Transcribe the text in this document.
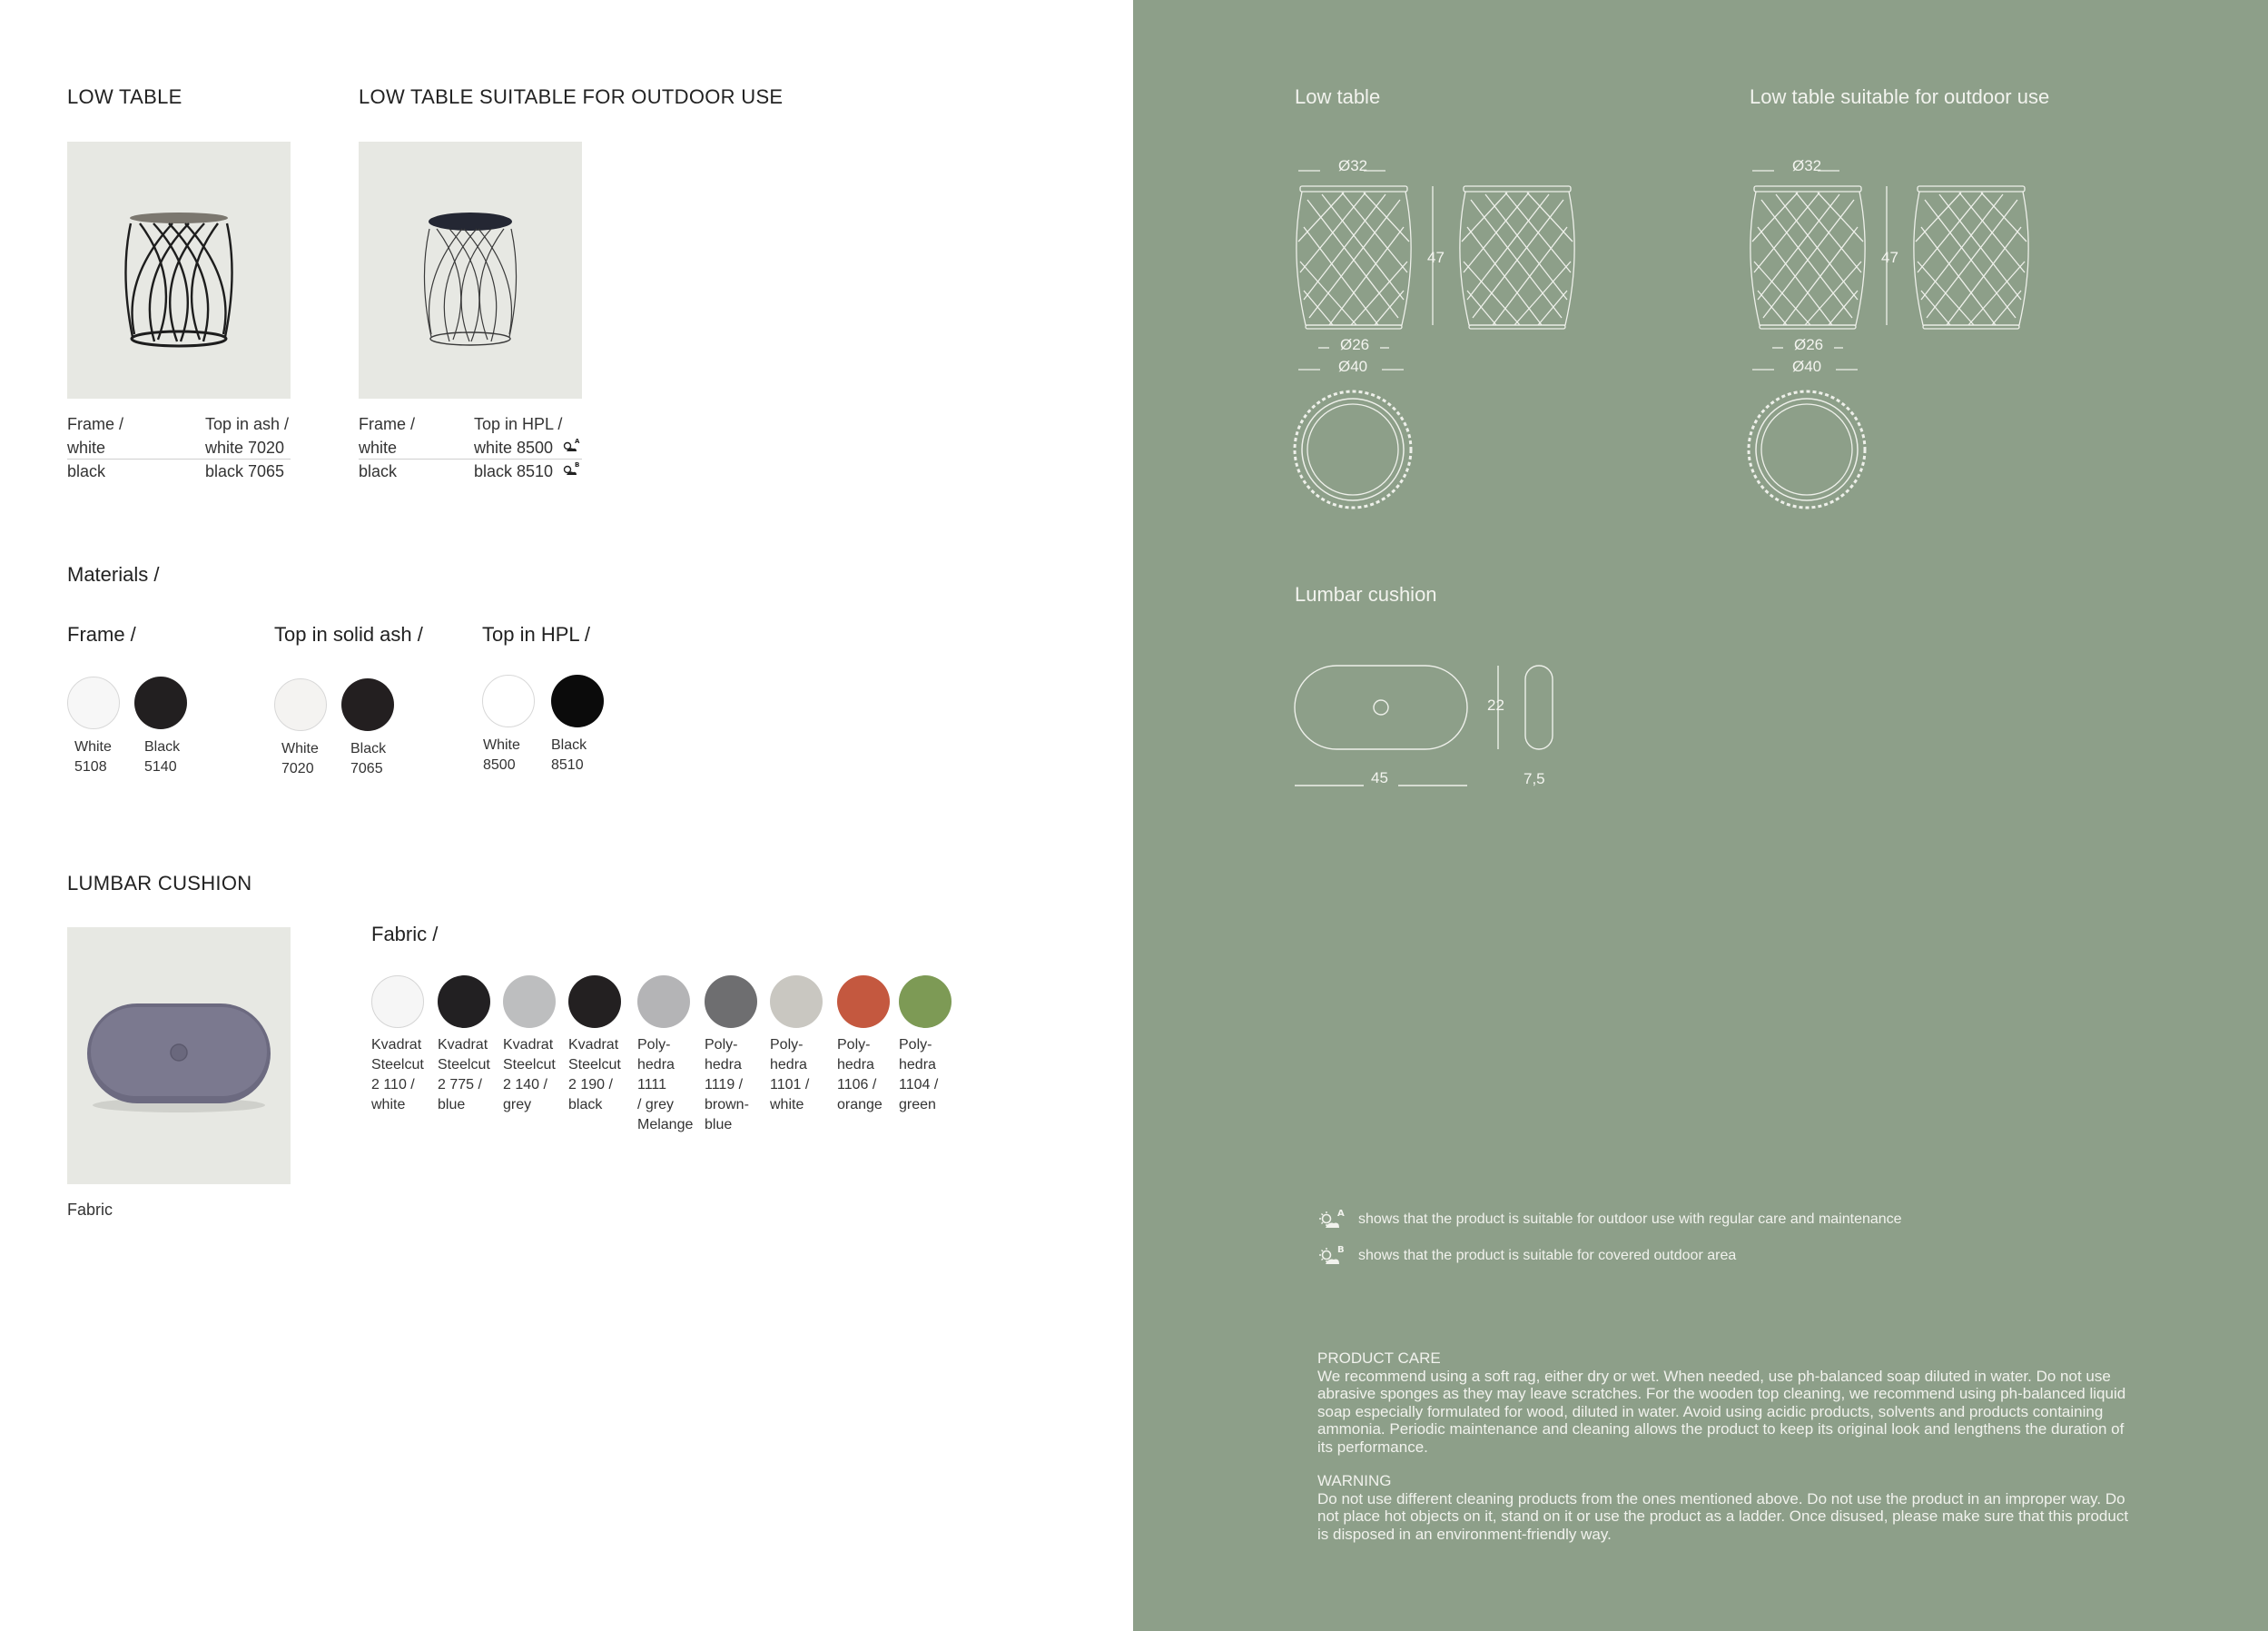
LOW TABLE
Frame /	Top in ash /
white	white 7020
black	black 7065
LOW TABLE SUITABLE FOR OUTDOOR USE
Frame /	Top in HPL /
white	white 8500	A
black	black 8510	B
Materials /
Frame /
White
5108
Black
5140
Top in solid ash /
White
7020
Black
7065
Top in HPL /
White
8500
Black
8510
LUMBAR CUSHION
Fabric
Fabric /
Kvadrat
Steelcut
2 110 /
white
Kvadrat
Steelcut
2 775 /
blue
Kvadrat
Steelcut
2 140 /
grey
Kvadrat
Steelcut
2 190 /
black
Poly-
hedra
1111
/ grey
Melange
Poly-
hedra
1119 /
brown-
blue
Poly-
hedra
1101 /
white
Poly-
hedra
1106 /
orange
Poly-
hedra
1104 /
green
Low table	Low table suitable for outdoor use
Ø32
47
Ø26
Ø40
Ø32
47
Ø26
Ø40
Lumbar cushion
22
45	7,5
A shows that the product is suitable for outdoor use with regular care and maintenance
B shows that the product is suitable for covered outdoor area
PRODUCT CARE
We recommend using a soft rag, either dry or wet. When needed, use ph-balanced soap diluted in water. Do not use abrasive sponges as they may leave scratches. For the wooden top cleaning, we recommend using ph-balanced liquid soap especially formulated for wood, diluted in water. Avoid using acidic products, solvents and products containing ammonia. Periodic maintenance and cleaning allows the product to keep its original look and lengthens the duration of its performance.
WARNING
Do not use different cleaning products from the ones mentioned above. Do not use the product in an improper way. Do not place hot objects on it, stand on it or use the product as a ladder. Once disused, please make sure that this product is disposed in an environment-friendly way.
